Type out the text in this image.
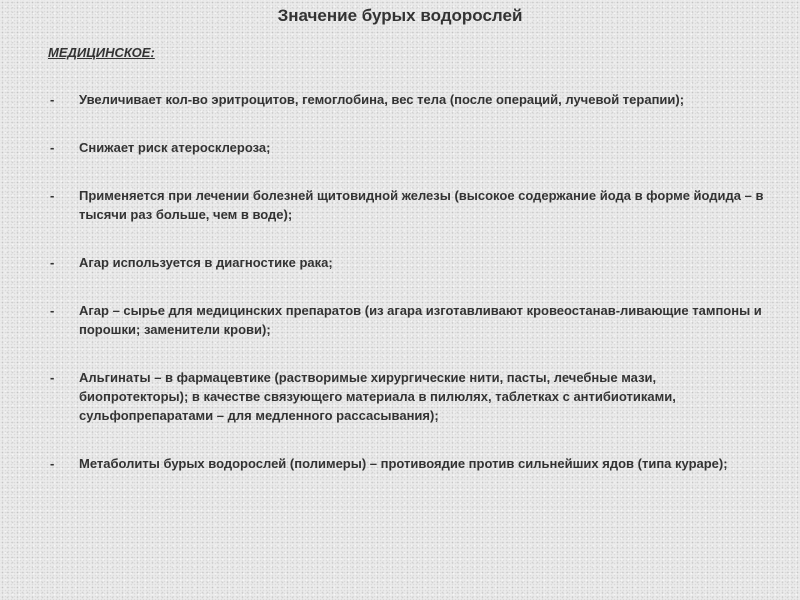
Значение бурых водорослей
МЕДИЦИНСКОЕ:
-	Увеличивает кол-во эритроцитов, гемоглобина, вес тела (после операций, лучевой терапии);
-	Снижает риск атеросклероза;
-	Применяется при лечении болезней щитовидной железы (высокое содержание йода в форме йодида – в тысячи раз больше, чем в воде);
-	Агар используется в диагностике рака;
-	Агар – сырье для медицинских препаратов (из агара изготавливают кровеостанав-ливающие тампоны и порошки; заменители крови);
-	Альгинаты – в фармацевтике (растворимые хирургические нити, пасты, лечебные мази, биопротекторы); в качестве связующего материала в пилюлях, таблетках с антибиотиками, сульфопрепаратами – для медленного рассасывания);
-	Метаболиты бурых водорослей (полимеры) – противоядие против сильнейших ядов (типа кураре);
